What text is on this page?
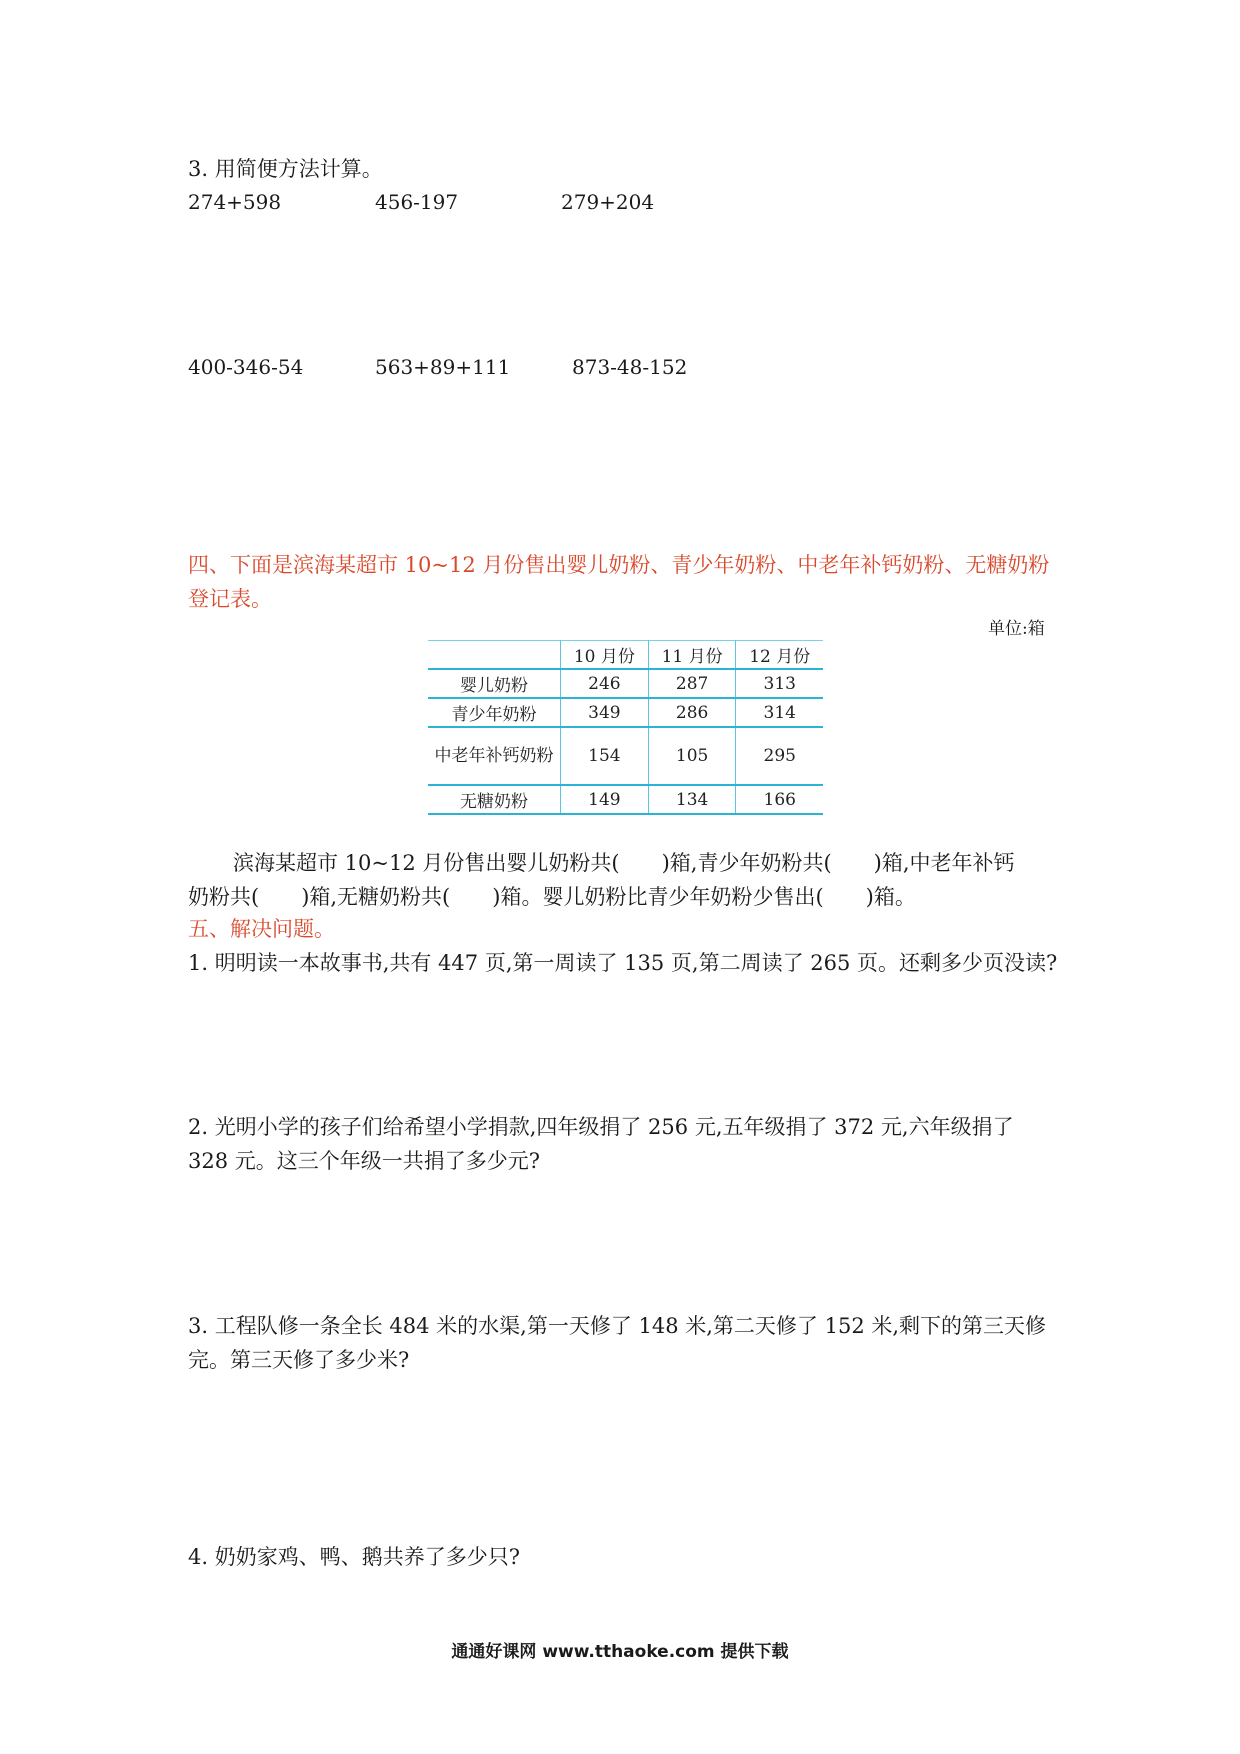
3. 用简便方法计算。
274+598	456-197	279+204
400-346-54	563+89+111	873-48-152
四、下面是滨海某超市 10~12 月份售出婴儿奶粉、青少年奶粉、中老年补钙奶粉、无糖奶粉
登记表。
单位:箱
	10 月份	11 月份	12 月份
婴儿奶粉	246	287	313
青少年奶粉	349	286	314
中老年补钙奶粉	154	105	295
无糖奶粉	149	134	166
滨海某超市 10~12 月份售出婴儿奶粉共(　　)箱,青少年奶粉共(　　)箱,中老年补钙
奶粉共(　　)箱,无糖奶粉共(　　)箱。婴儿奶粉比青少年奶粉少售出(　　)箱。
五、解决问题。
1. 明明读一本故事书,共有 447 页,第一周读了 135 页,第二周读了 265 页。还剩多少页没读?
2. 光明小学的孩子们给希望小学捐款,四年级捐了 256 元,五年级捐了 372 元,六年级捐了
328 元。这三个年级一共捐了多少元?
3. 工程队修一条全长 484 米的水渠,第一天修了 148 米,第二天修了 152 米,剩下的第三天修
完。第三天修了多少米?
4. 奶奶家鸡、鸭、鹅共养了多少只?
通通好课网 www.tthaoke.com 提供下载
